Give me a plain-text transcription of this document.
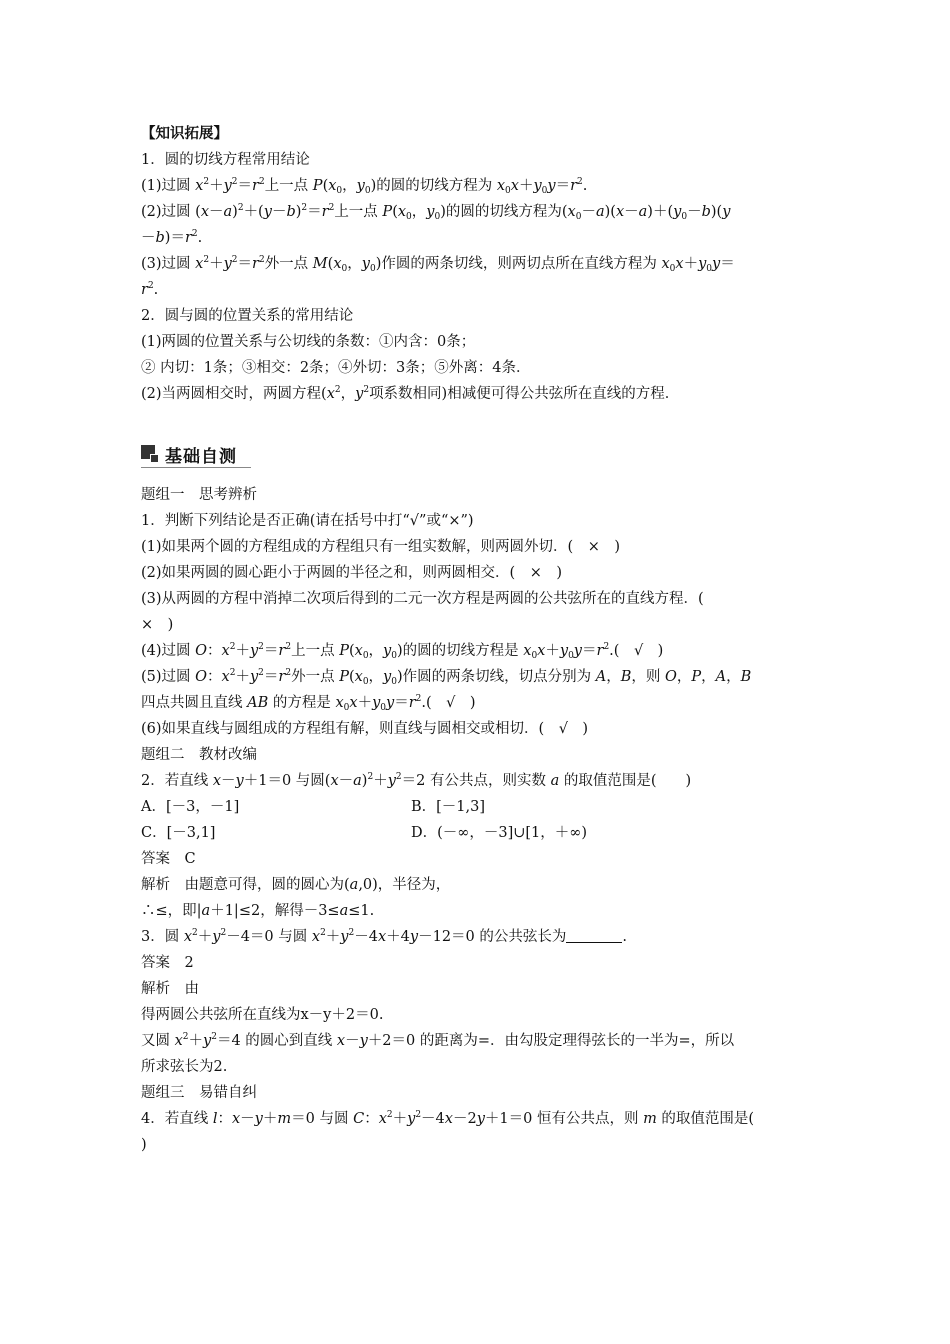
【知识拓展】
1．圆的切线方程常用结论
(1)过圆 $x^2+y^2=r^2$上一点 $P(x_0$，$y_0$)的圆的切线方程为 $x_0x+y_0y=r^2$.
(2)过圆 $(x-a)^2+(y-b)^2=r^2$上一点 $P(x_0$，$y_0$)的圆的切线方程为$(x_0-a)(x-a)+(y_0-b)(y$
$-b)=r^2$.
(3)过圆 $x^2+y^2=r^2$外一点 $M(x_0$，$y_0$)作圆的两条切线，则两切点所在直线方程为 $x_0x+y_0y=$
$r^2$.
2．圆与圆的位置关系的常用结论
(1)两圆的位置关系与公切线的条数：①内含：0条；
② 内切：1条；③相交：2条；④外切：3条；⑤外离：4条．
(2)当两圆相交时，两圆方程($x^2$，$y^2$项系数相同)相减便可得公共弦所在直线的方程．
基础自测
题组一　思考辨析
1．判断下列结论是否正确(请在括号中打“√”或“×”)
(1)如果两个圆的方程组成的方程组只有一组实数解，则两圆外切．(　×　)
(2)如果两圆的圆心距小于两圆的半径之和，则两圆相交．(　×　)
(3)从两圆的方程中消掉二次项后得到的二元一次方程是两圆的公共弦所在的直线方程．(
×　)
(4)过圆 O：$x^2+y^2=r^2$上一点 $P(x_0$，$y_0$)的圆的切线方程是 $x_0x+y_0y=r^2$.(　√　)
(5)过圆 O：$x^2+y^2=r^2$外一点 $P(x_0$，$y_0$)作圆的两条切线，切点分别为 A，B，则 O，P，A，B
四点共圆且直线 AB 的方程是 $x_0x+y_0y=r^2$.(　√　)
(6)如果直线与圆组成的方程组有解，则直线与圆相交或相切．(　√　)
题组二　教材改编
2．若直线 x－y＋1＝0 与圆$(x-a)^2+y^2=2$ 有公共点，则实数 a 的取值范围是(　　)
A．[－3，－1]	B．[－1,3]
C．[－3,1]	D．(－∞，－3]∪[1，＋∞)
答案　C
解析　由题意可得，圆的圆心为(a,0)，半径为，
∴≤，即|a＋1|≤2，解得－3≤a≤1.
3．圆 $x^2+y^2-4=0$ 与圆 $x^2+y^2-4x+4y-12=0$ 的公共弦长为	.
答案　2
解析　由
得两圆公共弦所在直线为x－y＋2＝0.
又圆 $x^2+y^2=4$ 的圆心到直线 x－y＋2＝0 的距离为=．由勾股定理得弦长的一半为=，所以
所求弦长为2.
题组三　易错自纠
4．若直线 l：x－y＋m＝0 与圆 C：$x^2+y^2-4x-2y+1=0$ 恒有公共点，则 m 的取值范围是(
)
